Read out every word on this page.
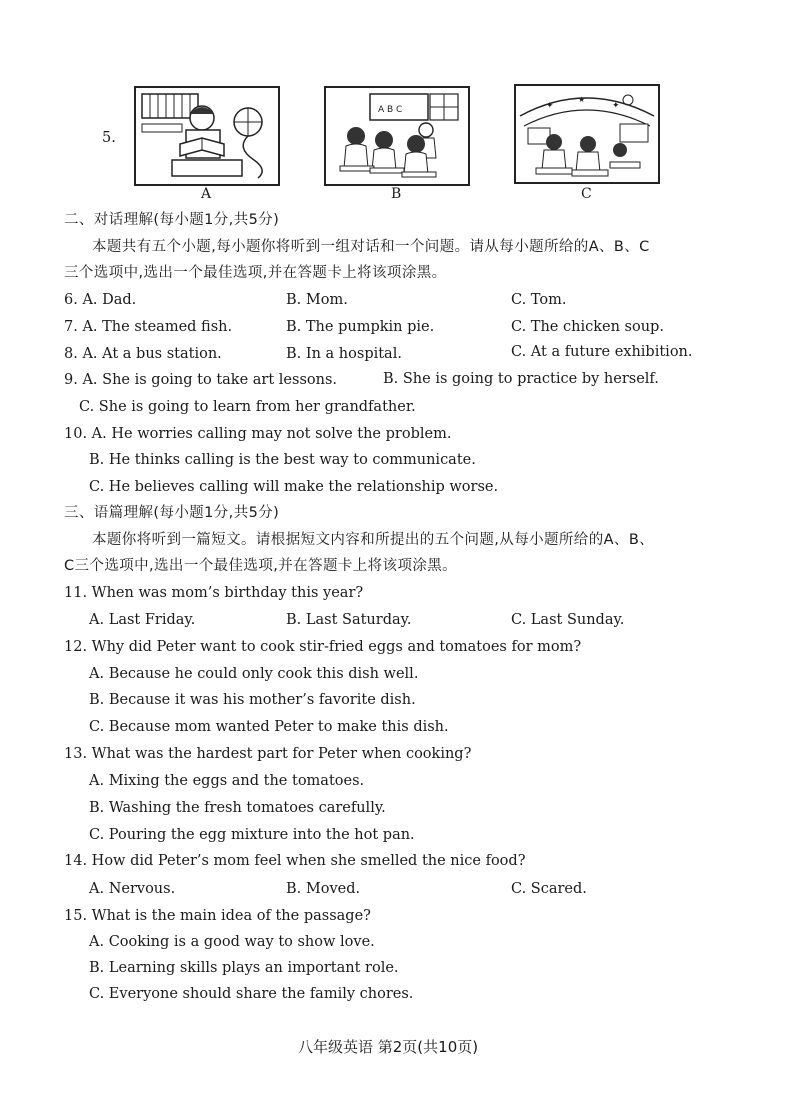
5.
A
A B C
B
✦
★
✦
C
二、对话理解(每小题1分,共5分)
本题共有五个小题,每小题你将听到一组对话和一个问题。请从每小题所给的A、B、C
三个选项中,选出一个最佳选项,并在答题卡上将该项涂黑。
6. A. Dad.	B. Mom.	C. Tom.
7. A. The steamed fish.	B. The pumpkin pie.	C. The chicken soup.
8. A. At a bus station.	B. In a hospital.	C. At a future exhibition.
9. A. She is going to take art lessons.	B. She is going to practice by herself.
C. She is going to learn from her grandfather.
10. A. He worries calling may not solve the problem.
B. He thinks calling is the best way to communicate.
C. He believes calling will make the relationship worse.
三、语篇理解(每小题1分,共5分)
本题你将听到一篇短文。请根据短文内容和所提出的五个问题,从每小题所给的A、B、
C三个选项中,选出一个最佳选项,并在答题卡上将该项涂黑。
11. When was mom’s birthday this year?
A. Last Friday.	B. Last Saturday.	C. Last Sunday.
12. Why did Peter want to cook stir-fried eggs and tomatoes for mom?
A. Because he could only cook this dish well.
B. Because it was his mother’s favorite dish.
C. Because mom wanted Peter to make this dish.
13. What was the hardest part for Peter when cooking?
A. Mixing the eggs and the tomatoes.
B. Washing the fresh tomatoes carefully.
C. Pouring the egg mixture into the hot pan.
14. How did Peter’s mom feel when she smelled the nice food?
A. Nervous.	B. Moved.	C. Scared.
15. What is the main idea of the passage?
A. Cooking is a good way to show love.
B. Learning skills plays an important role.
C. Everyone should share the family chores.
八年级英语 第2页(共10页)
